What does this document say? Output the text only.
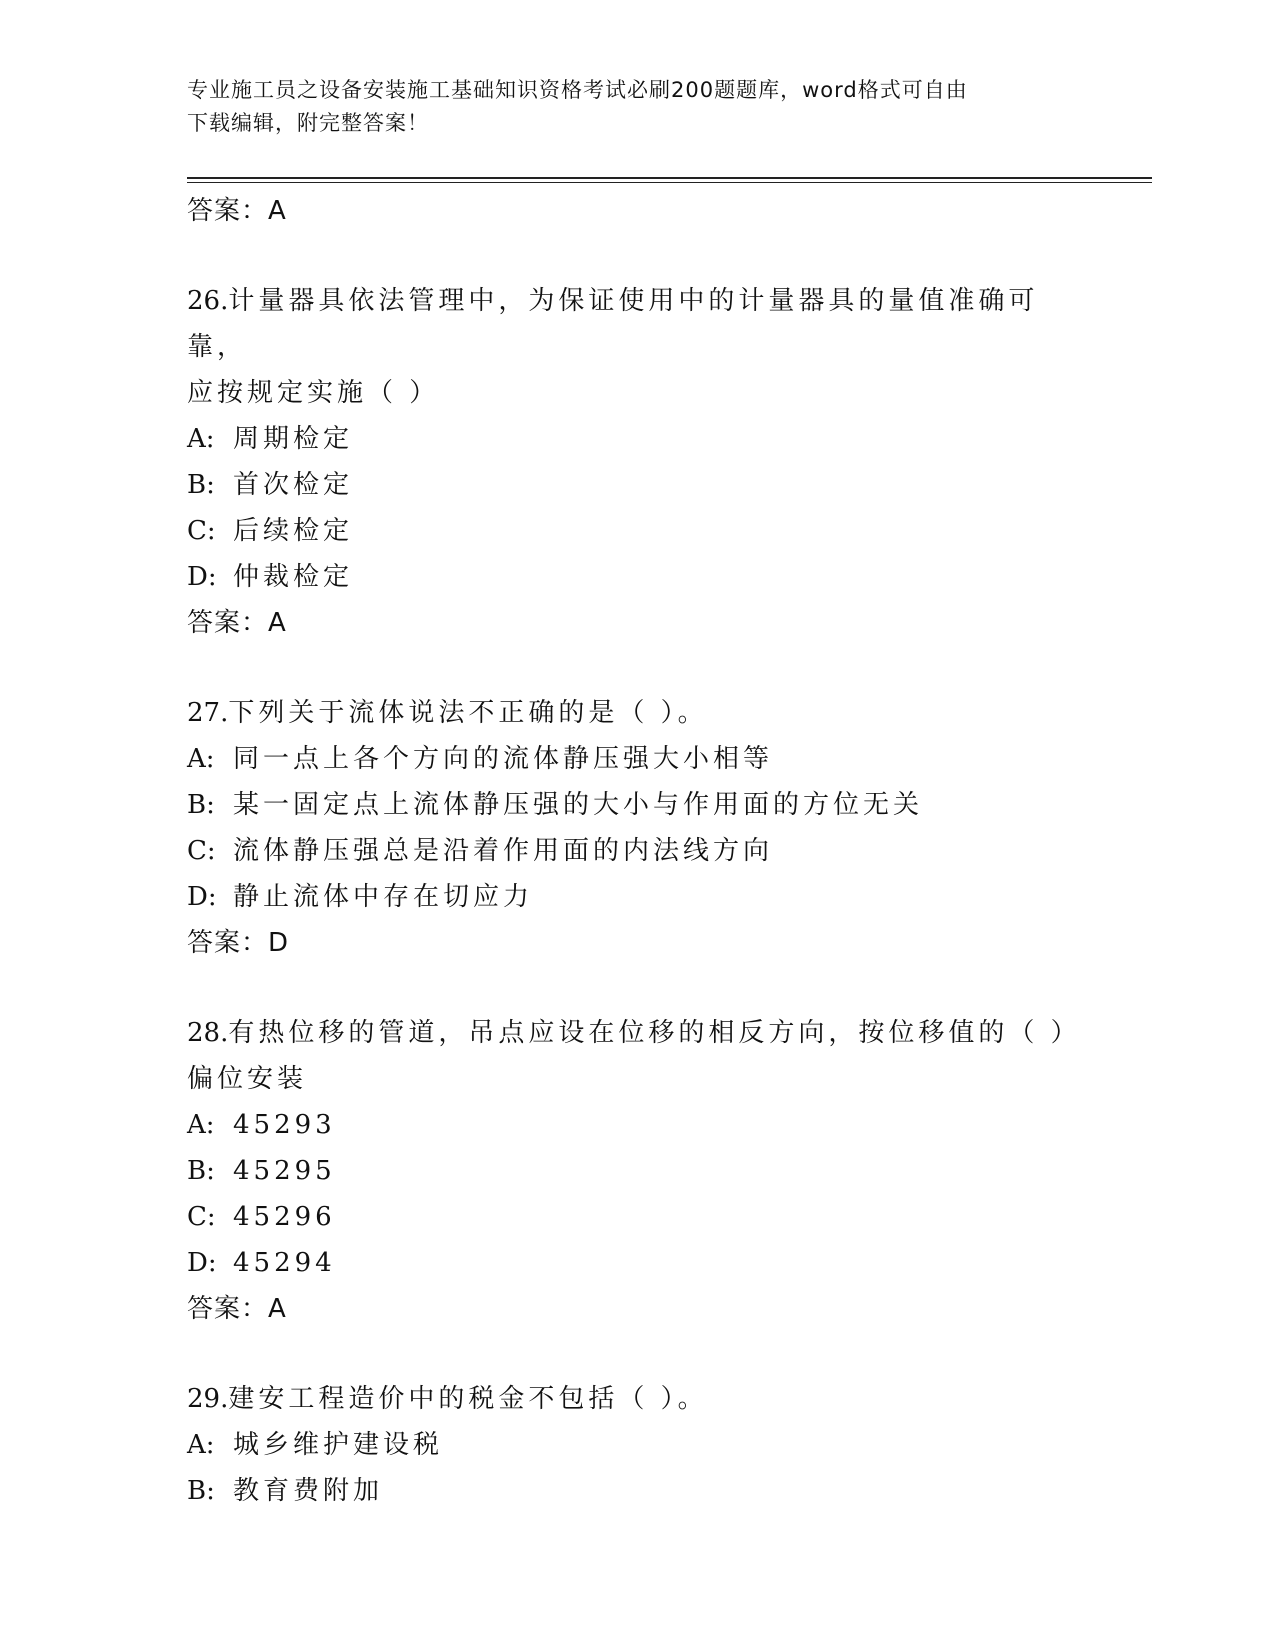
专业施工员之设备安装施工基础知识资格考试必刷200题题库，word格式可自由
下载编辑，附完整答案！
答案：A
26.计量器具依法管理中，为保证使用中的计量器具的量值准确可靠，
应按规定实施（ ）
A: 周期检定
B: 首次检定
C: 后续检定
D: 仲裁检定
答案：A
27.下列关于流体说法不正确的是（ ）。
A: 同一点上各个方向的流体静压强大小相等
B: 某一固定点上流体静压强的大小与作用面的方位无关
C: 流体静压强总是沿着作用面的内法线方向
D: 静止流体中存在切应力
答案：D
28.有热位移的管道，吊点应设在位移的相反方向，按位移值的（ ）
偏位安装
A: 45293
B: 45295
C: 45296
D: 45294
答案：A
29.建安工程造价中的税金不包括（ ）。
A: 城乡维护建设税
B: 教育费附加
